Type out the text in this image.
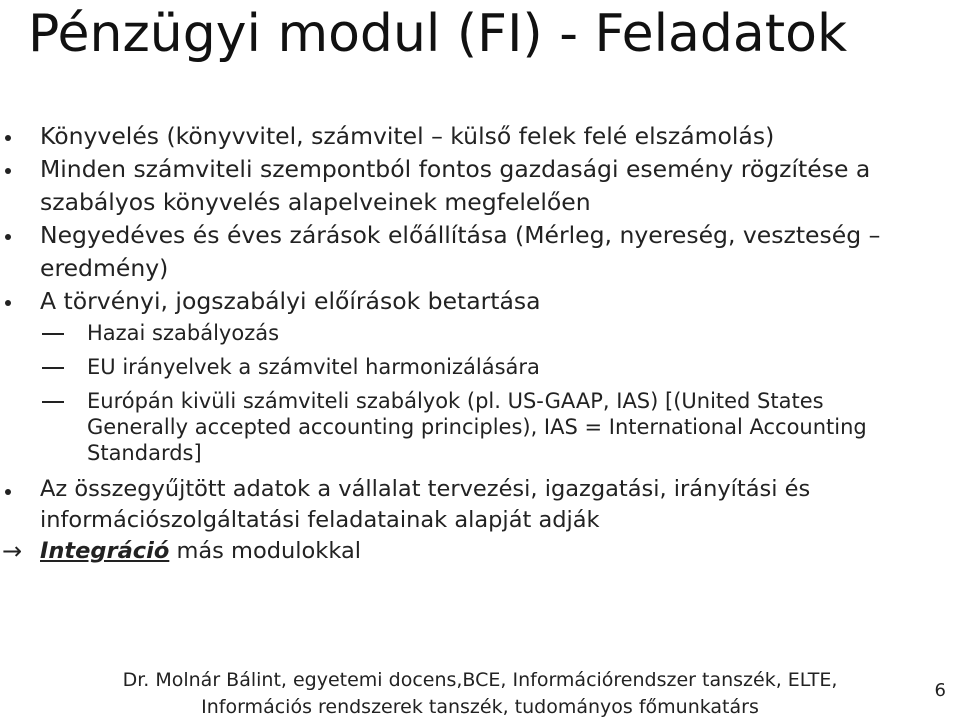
Pénzügyi modul (FI) - Feladatok
Könyvelés (könyvvitel, számvitel – külső felek felé elszámolás)
Minden számviteli szempontból fontos gazdasági esemény rögzítése a szabályos könyvelés alapelveinek megfelelően
Negyedéves és éves zárások előállítása (Mérleg, nyereség, veszteség – eredmény)
A törvényi, jogszabályi előírások betartása
Hazai szabályozás
EU irányelvek a számvitel harmonizálására
Európán kivüli számviteli szabályok (pl. US-GAAP, IAS) [(United States Generally accepted accounting principles), IAS = International Accounting Standards]
Az összegyűjtött adatok a vállalat tervezési, igazgatási, irányítási és információszolgáltatási feladatainak alapját adják
→ Integráció más modulokkal
Dr. Molnár Bálint, egyetemi docens,BCE, Információrendszer tanszék, ELTE,
Információs rendszerek tanszék, tudományos főmunkatárs
6
